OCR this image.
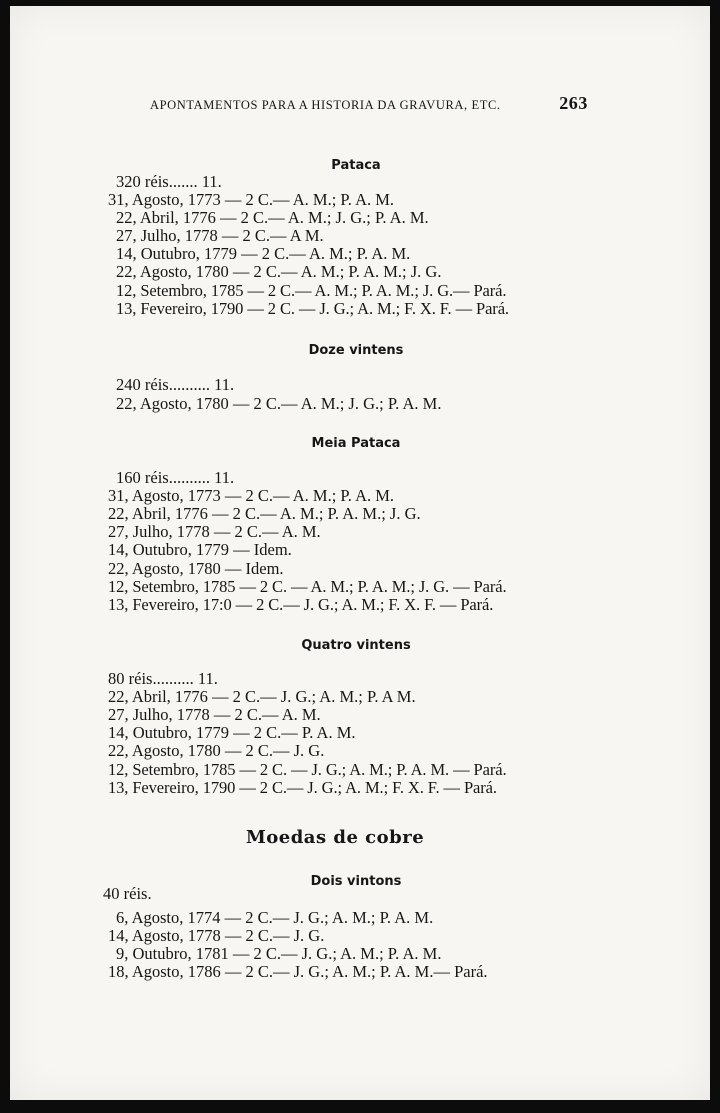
APONTAMENTOS PARA A HISTORIA DA GRAVURA, ETC.	263
Pataca
320 réis....... 11.
31, Agosto, 1773 — 2 C.— A. M.; P. A. M.
22, Abril, 1776 — 2 C.— A. M.; J. G.; P. A. M.
27, Julho, 1778 — 2 C.— A M.
14, Outubro, 1779 — 2 C.— A. M.; P. A. M.
22, Agosto, 1780 — 2 C.— A. M.; P. A. M.; J. G.
12, Setembro, 1785 — 2 C.— A. M.; P. A. M.; J. G.— Pará.
13, Fevereiro, 1790 — 2 C. — J. G.; A. M.; F. X. F. — Pará.
Doze vintens
240 réis.......... 11.
22, Agosto, 1780 — 2 C.— A. M.; J. G.; P. A. M.
Meia Pataca
160 réis.......... 11.
31, Agosto, 1773 — 2 C.— A. M.; P. A. M.
22, Abril, 1776 — 2 C.— A. M.; P. A. M.; J. G.
27, Julho, 1778 — 2 C.— A. M.
14, Outubro, 1779 — Idem.
22, Agosto, 1780 — Idem.
12, Setembro, 1785 — 2 C. — A. M.; P. A. M.; J. G. — Pará.
13, Fevereiro, 17:0 — 2 C.— J. G.; A. M.; F. X. F. — Pará.
Quatro vintens
80 réis.......... 11.
22, Abril, 1776 — 2 C.— J. G.; A. M.; P. A M.
27, Julho, 1778 — 2 C.— A. M.
14, Outubro, 1779 — 2 C.— P. A. M.
22, Agosto, 1780 — 2 C.— J. G.
12, Setembro, 1785 — 2 C. — J. G.; A. M.; P. A. M. — Pará.
13, Fevereiro, 1790 — 2 C.— J. G.; A. M.; F. X. F. — Pará.
Moedas de cobre
Dois vintons
40 réis.
6, Agosto, 1774 — 2 C.— J. G.; A. M.; P. A. M.
14, Agosto, 1778 — 2 C.— J. G.
9, Outubro, 1781 — 2 C.— J. G.; A. M.; P. A. M.
18, Agosto, 1786 — 2 C.— J. G.; A. M.; P. A. M.— Pará.
